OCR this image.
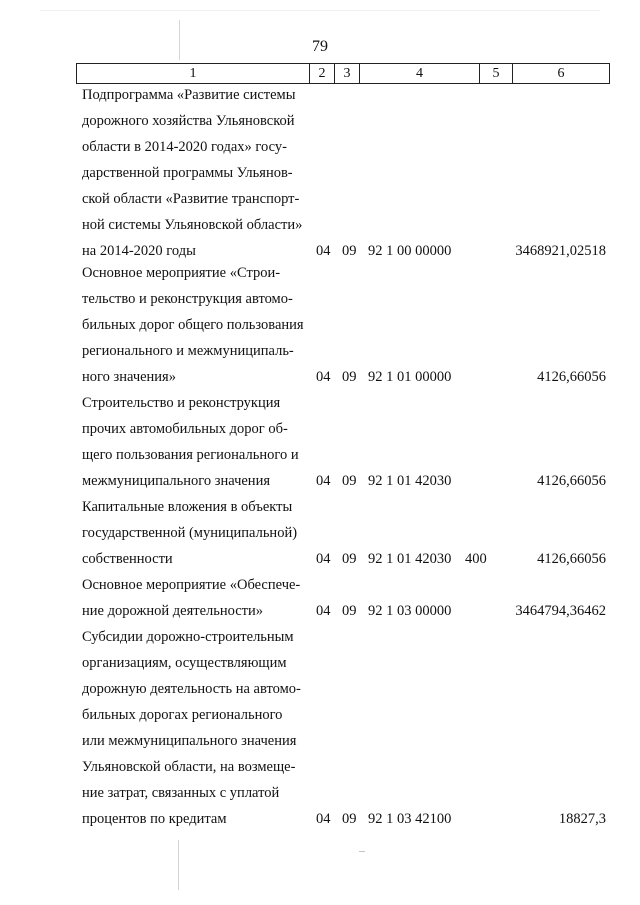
79
1	2	3	4	5	6
Подпрограмма «Развитие системы
дорожного хозяйства Ульяновской
области в 2014-2020 годах» госу-
дарственной программы Ульянов-
ской области «Развитие транспорт-
ной системы Ульяновской области»
на 2014-2020 годы	04 09 92 1 00 00000	3468921,02518
Основное мероприятие «Строи-
тельство и реконструкция автомо-
бильных дорог общего пользования
регионального и межмуниципаль-
ного значения»	04 09 92 1 01 00000	4126,66056
Строительство и реконструкция
прочих автомобильных дорог об-
щего пользования регионального и
межмуниципального значения	04 09 92 1 01 42030	4126,66056
Капитальные вложения в объекты
государственной (муниципальной)
собственности	04 09 92 1 01 42030 400	4126,66056
Основное мероприятие «Обеспече-
ние дорожной деятельности»	04 09 92 1 03 00000	3464794,36462
Субсидии дорожно-строительным
организациям, осуществляющим
дорожную деятельность на автомо-
бильных дорогах регионального
или межмуниципального значения
Ульяновской области, на возмеще-
ние затрат, связанных с уплатой
процентов по кредитам	04 09 92 1 03 42100	18827,3
